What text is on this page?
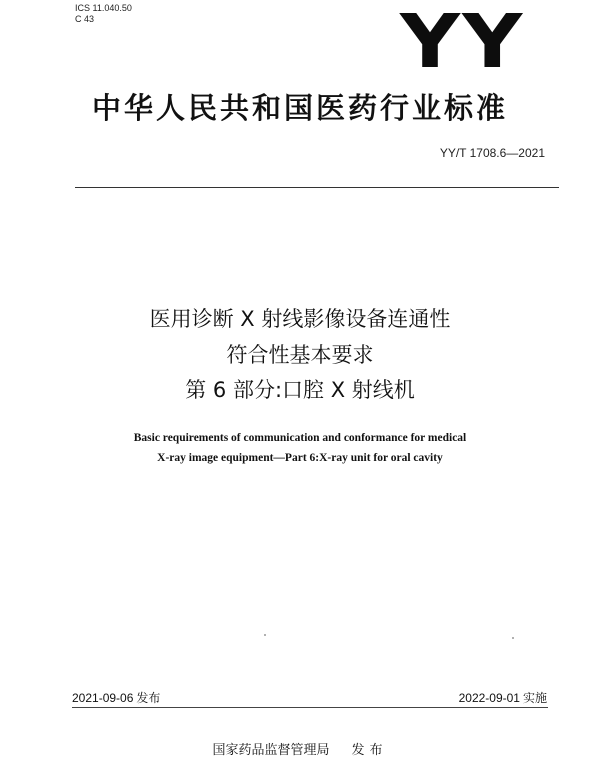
ICS 11.040.50
C 43	YY
中华人民共和国医药行业标准
YY/T 1708.6—2021
医用诊断 X 射线影像设备连通性
符合性基本要求
第 6 部分:口腔 X 射线机
Basic requirements of communication and conformance for medical
X-ray image equipment—Part 6:X-ray unit for oral cavity
2021-09-06 发布	2022-09-01 实施
国家药品监督管理局 发布
